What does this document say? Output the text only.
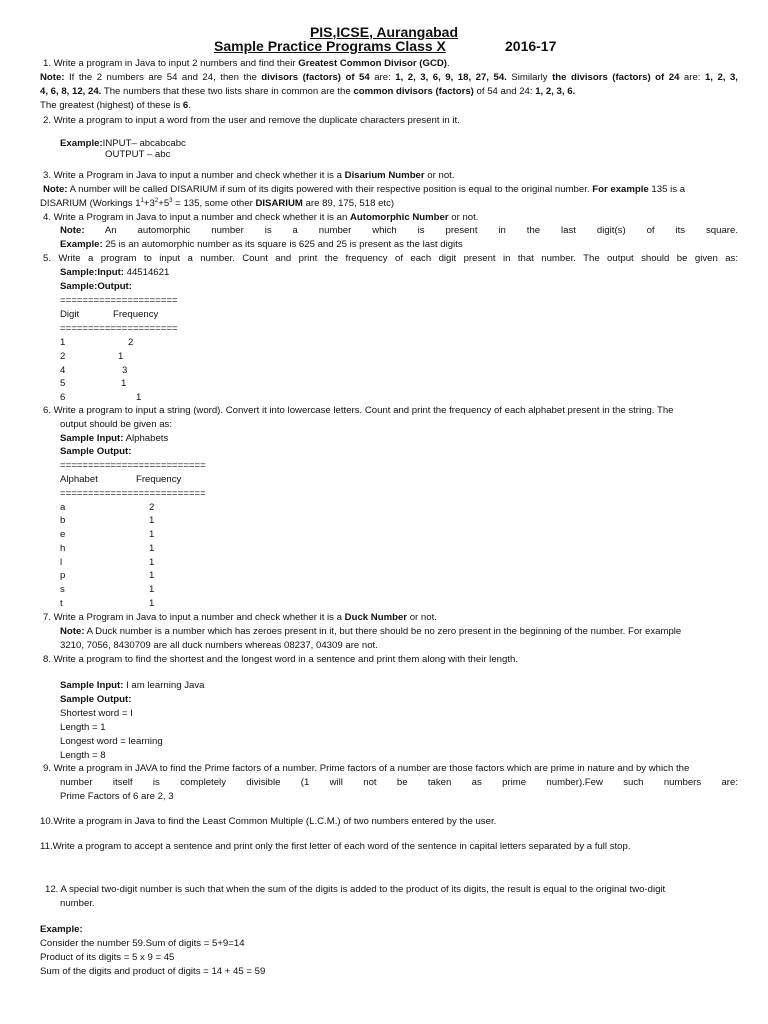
PIS,ICSE, Aurangabad
Sample Practice Programs Class X	2016-17
1. Write a program in Java to input 2 numbers and find their Greatest Common Divisor (GCD).
Note: If the 2 numbers are 54 and 24, then the divisors (factors) of 54 are: 1, 2, 3, 6, 9, 18, 27, 54. Similarly the divisors (factors) of 24 are: 1, 2, 3,
4, 6, 8, 12, 24. The numbers that these two lists share in common are the common divisors (factors) of 54 and 24: 1, 2, 3, 6.
The greatest (highest) of these is 6.
2. Write a program to input a word from the user and remove the duplicate characters present in it.
Example:INPUT– abcabcabc
OUTPUT – abc
3. Write a Program in Java to input a number and check whether it is a Disarium Number or not.
Note: A number will be called DISARIUM if sum of its digits powered with their respective position is equal to the original number. For example 135 is a
DISARIUM (Workings $1^1+3^2+5^3 = 135$, some other DISARIUM are 89, 175, 518 etc)
4. Write a Program in Java to input a number and check whether it is an Automorphic Number or not.
Note: An automorphic number is a number which is present in the last digit(s) of its square.
Example: 25 is an automorphic number as its square is 625 and 25 is present as the last digits
5. Write a program to input a number. Count and print the frequency of each digit present in that number. The output should be given as:
Sample:Input: 44514621
Sample:Output:
=====================
Digit	Frequency
=====================
1	2
2	1
4	3
5	1
6	1
6. Write a program to input a string (word). Convert it into lowercase letters. Count and print the frequency of each alphabet present in the string. The
output should be given as:
Sample Input: Alphabets
Sample Output:
==========================
Alphabet	Frequency
==========================
a	2
b	1
e	1
h	1
l	1
p	1
s	1
t	1
7. Write a Program in Java to input a number and check whether it is a Duck Number or not.
Note: A Duck number is a number which has zeroes present in it, but there should be no zero present in the beginning of the number. For example
3210, 7056, 8430709 are all duck numbers whereas 08237, 04309 are not.
8. Write a program to find the shortest and the longest word in a sentence and print them along with their length.
Sample Input: I am learning Java
Sample Output:
Shortest word = I
Length = 1
Longest word = learning
Length = 8
9. Write a program in JAVA to find the Prime factors of a number. Prime factors of a number are those factors which are prime in nature and by which the
number itself is completely divisible (1 will not be taken as prime number).Few such numbers are:
Prime Factors of 6 are 2, 3
10.Write a program in Java to find the Least Common Multiple (L.C.M.) of two numbers entered by the user.
11.Write a program to accept a sentence and print only the first letter of each word of the sentence in capital letters separated by a full stop.
12. A special two-digit number is such that when the sum of the digits is added to the product of its digits, the result is equal to the original two-digit
number.
Example:
Consider the number 59.Sum of digits = 5+9=14
Product of its digits = 5 x 9 = 45
Sum of the digits and product of digits = 14 + 45 = 59
